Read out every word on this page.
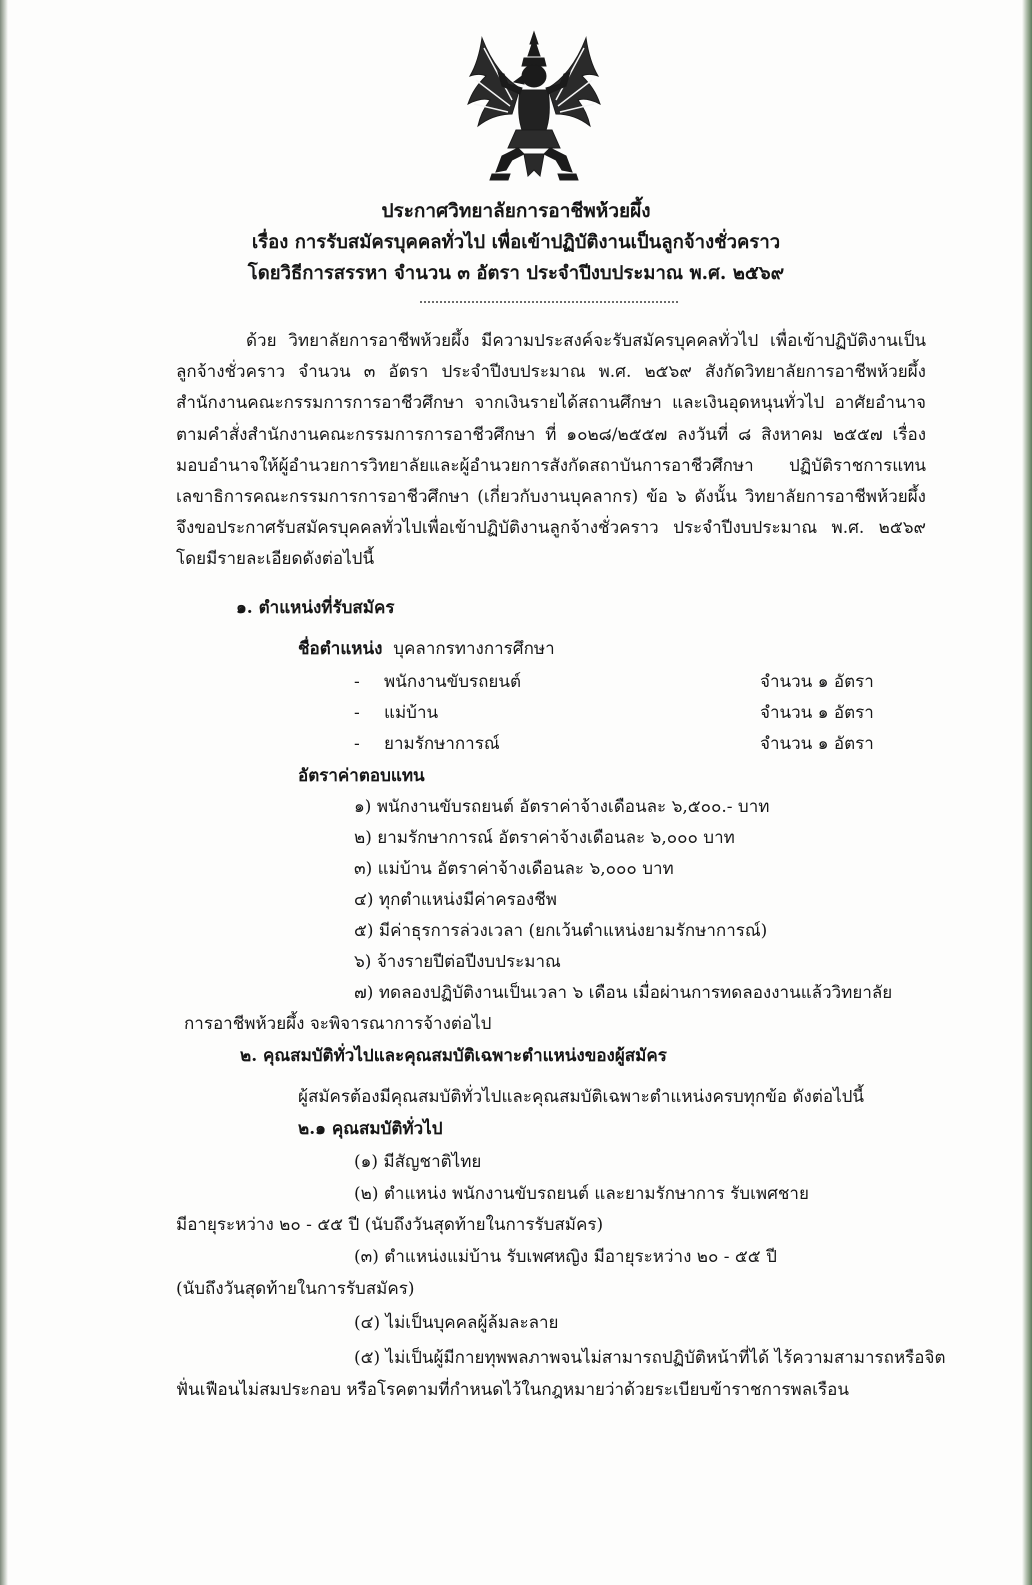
ประกาศวิทยาลัยการอาชีพห้วยผึ้ง
เรื่อง การรับสมัครบุคคลทั่วไป เพื่อเข้าปฏิบัติงานเป็นลูกจ้างชั่วคราว
โดยวิธีการสรรหา จำนวน ๓ อัตรา ประจำปีงบประมาณ พ.ศ. ๒๕๖๙
ด้วย วิทยาลัยการอาชีพห้วยผึ้ง มีความประสงค์จะรับสมัครบุคคลทั่วไป เพื่อเข้าปฏิบัติงานเป็นลูกจ้างชั่วคราว จำนวน ๓ อัตรา ประจำปีงบประมาณ พ.ศ. ๒๕๖๙ สังกัดวิทยาลัยการอาชีพห้วยผึ้ง สำนักงานคณะกรรมการการอาชีวศึกษา จากเงินรายได้สถานศึกษา และเงินอุดหนุนทั่วไป อาศัยอำนาจตามคำสั่งสำนักงานคณะกรรมการการอาชีวศึกษา ที่ ๑๐๒๘/๒๕๕๗ ลงวันที่ ๘ สิงหาคม ๒๕๕๗ เรื่องมอบอำนาจให้ผู้อำนวยการวิทยาลัยและผู้อำนวยการสังกัดสถาบันการอาชีวศึกษา ปฏิบัติราชการแทนเลขาธิการคณะกรรมการการอาชีวศึกษา (เกี่ยวกับงานบุคลากร) ข้อ ๖ ดังนั้น วิทยาลัยการอาชีพห้วยผึ้ง จึงขอประกาศรับสมัครบุคคลทั่วไปเพื่อเข้าปฏิบัติงานลูกจ้างชั่วคราว ประจำปีงบประมาณ พ.ศ. ๒๕๖๙ โดยมีรายละเอียดดังต่อไปนี้
๑. ตำแหน่งที่รับสมัคร
ชื่อตำแหน่ง บุคลากรทางการศึกษา
- พนักงานขับรถยนต์	จำนวน ๑ อัตรา
- แม่บ้าน	จำนวน ๑ อัตรา
- ยามรักษาการณ์	จำนวน ๑ อัตรา
อัตราค่าตอบแทน
๑) พนักงานขับรถยนต์ อัตราค่าจ้างเดือนละ ๖,๕๐๐.- บาท
๒) ยามรักษาการณ์ อัตราค่าจ้างเดือนละ ๖,๐๐๐ บาท
๓) แม่บ้าน อัตราค่าจ้างเดือนละ ๖,๐๐๐ บาท
๔) ทุกตำแหน่งมีค่าครองชีพ
๕) มีค่าธุรการล่วงเวลา (ยกเว้นตำแหน่งยามรักษาการณ์)
๖) จ้างรายปีต่อปีงบประมาณ
๗) ทดลองปฏิบัติงานเป็นเวลา ๖ เดือน เมื่อผ่านการทดลองงานแล้ววิทยาลัย
การอาชีพห้วยผึ้ง จะพิจารณาการจ้างต่อไป
๒. คุณสมบัติทั่วไปและคุณสมบัติเฉพาะตำแหน่งของผู้สมัคร
ผู้สมัครต้องมีคุณสมบัติทั่วไปและคุณสมบัติเฉพาะตำแหน่งครบทุกข้อ ดังต่อไปนี้
๒.๑ คุณสมบัติทั่วไป
(๑) มีสัญชาติไทย
(๒) ตำแหน่ง พนักงานขับรถยนต์ และยามรักษาการ รับเพศชาย
มีอายุระหว่าง ๒๐ - ๕๕ ปี (นับถึงวันสุดท้ายในการรับสมัคร)
(๓) ตำแหน่งแม่บ้าน รับเพศหญิง มีอายุระหว่าง ๒๐ - ๕๕ ปี
(นับถึงวันสุดท้ายในการรับสมัคร)
(๔) ไม่เป็นบุคคลผู้ล้มละลาย
(๕) ไม่เป็นผู้มีกายทุพพลภาพจนไม่สามารถปฏิบัติหน้าที่ได้ ไร้ความสามารถหรือจิต
ฟั่นเฟือนไม่สมประกอบ หรือโรคตามที่กำหนดไว้ในกฎหมายว่าด้วยระเบียบข้าราชการพลเรือน
